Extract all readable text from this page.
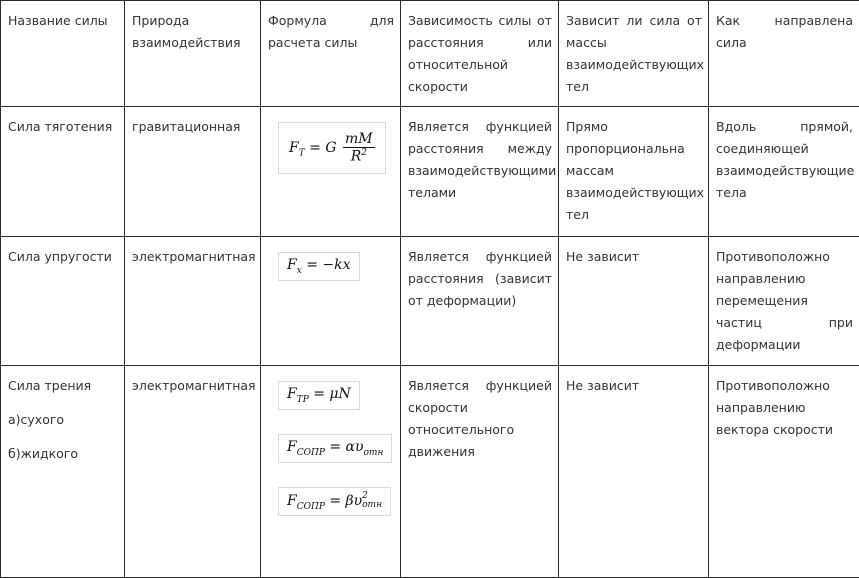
Название силы	Природа взаимодействия	Формула для
расчета силы	Зависимость силы от
расстояния или
относительной
скорости	Зависит ли сила от
массы
взаимодействующих
тел	Как направлена
сила

Сила тяготения	гравитационная	$F_T = G \frac{mM}{R^2}$	Является функцией
расстояния между
взаимодействующими
телами	Прямо
пропорциональна
массам
взаимодействующих
тел	Вдоль прямой,
соединяющей
взаимодействующие
тела

Сила упругости	электромагнитная	$F_x = -kx$	Является функцией
расстояния (зависит
от деформации)	Не зависит	Противоположно
направлению
перемещения
частиц при
деформации

Сила трения
а)сухого
б)жидкого	электромагнитная	$F_{ТР} = \mu N$
$F_{СОПР} = \alpha\upsilon_{отн}$
$F_{СОПР} = \beta\upsilon$ 2
отн	Является функцией
скорости
относительного
движения	Не зависит	Противоположно
направлению
вектора скорости
